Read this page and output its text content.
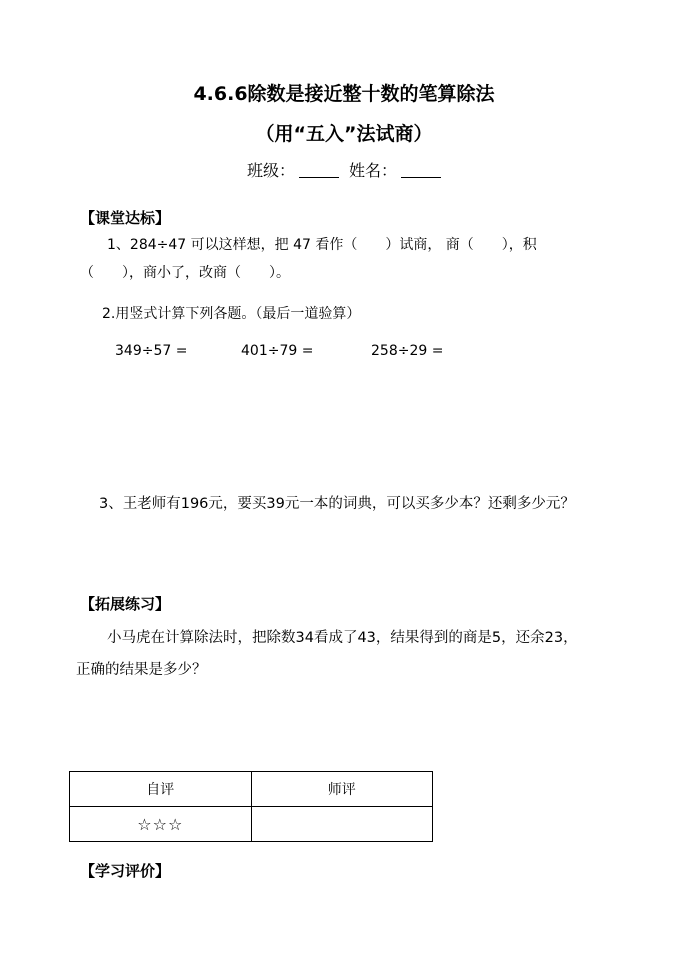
4.6.6除数是接近整十数的笔算除法
（用“五入”法试商）
班级：	姓名：
【课堂达标】
1、284÷47 可以这样想，把 47 看作（　　）试商， 商（　　），积
（　　），商小了，改商（　　）。
2.用竖式计算下列各题。（最后一道验算）
349÷57 =	401÷79 =	258÷29 =
3、王老师有196元，要买39元一本的词典，可以买多少本？还剩多少元？
【拓展练习】
小马虎在计算除法时，把除数34看成了43，结果得到的商是5，还余23，
正确的结果是多少？
自评	师评
☆☆☆	
【学习评价】
